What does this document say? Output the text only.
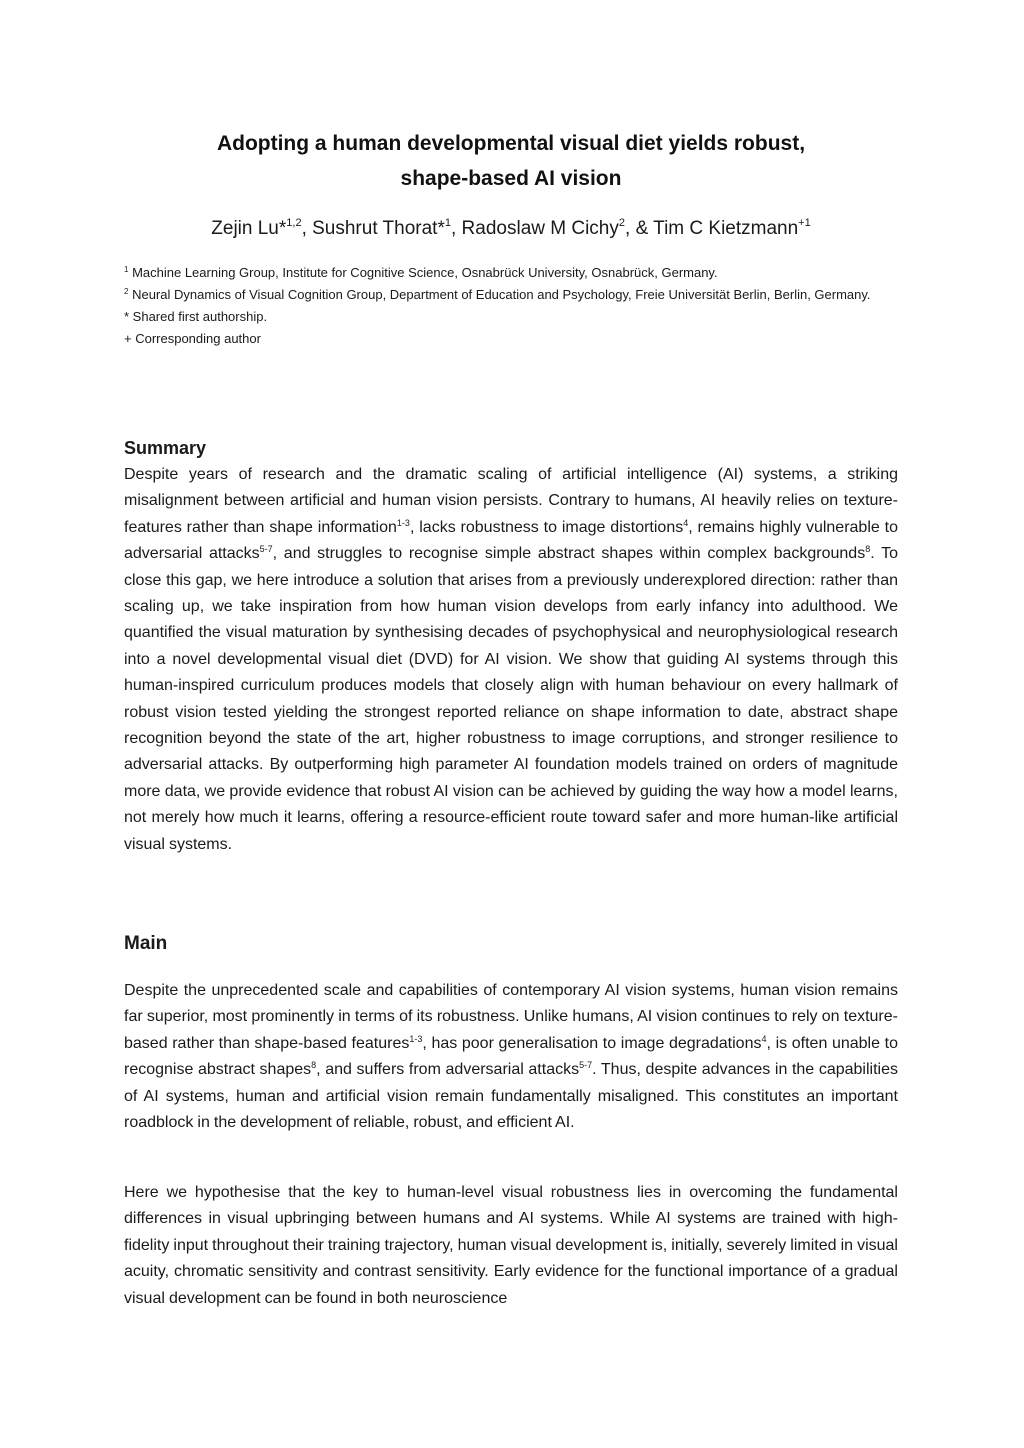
Adopting a human developmental visual diet yields robust,
shape-based AI vision
Zejin Lu*$^{1,2}$, Sushrut Thorat*$^1$, Radoslaw M Cichy$^2$, & Tim C Kietzmann$^{+1}$
$^1$ Machine Learning Group, Institute for Cognitive Science, Osnabrück University, Osnabrück, Germany.
$^2$ Neural Dynamics of Visual Cognition Group, Department of Education and Psychology, Freie Universität Berlin, Berlin, Germany.
* Shared first authorship.
+ Corresponding author
Summary
Despite years of research and the dramatic scaling of artificial intelligence (AI) systems, a striking misalignment between artificial and human vision persists. Contrary to humans, AI heavily relies on texture-features rather than shape information$^{1-3}$, lacks robustness to image distortions$^4$, remains highly vulnerable to adversarial attacks$^{5-7}$, and struggles to recognise simple abstract shapes within complex backgrounds$^8$. To close this gap, we here introduce a solution that arises from a previously underexplored direction: rather than scaling up, we take inspiration from how human vision develops from early infancy into adulthood. We quantified the visual maturation by synthesising decades of psychophysical and neurophysiological research into a novel developmental visual diet (DVD) for AI vision. We show that guiding AI systems through this human-inspired curriculum produces models that closely align with human behaviour on every hallmark of robust vision tested yielding the strongest reported reliance on shape information to date, abstract shape recognition beyond the state of the art, higher robustness to image corruptions, and stronger resilience to adversarial attacks. By outperforming high parameter AI foundation models trained on orders of magnitude more data, we provide evidence that robust AI vision can be achieved by guiding the way how a model learns, not merely how much it learns, offering a resource-efficient route toward safer and more human-like artificial visual systems.
Main
Despite the unprecedented scale and capabilities of contemporary AI vision systems, human vision remains far superior, most prominently in terms of its robustness. Unlike humans, AI vision continues to rely on texture-based rather than shape-based features$^{1-3}$, has poor generalisation to image degradations$^4$, is often unable to recognise abstract shapes$^8$, and suffers from adversarial attacks$^{5-7}$. Thus, despite advances in the capabilities of AI systems, human and artificial vision remain fundamentally misaligned. This constitutes an important roadblock in the development of reliable, robust, and efficient AI.
Here we hypothesise that the key to human-level visual robustness lies in overcoming the fundamental differences in visual upbringing between humans and AI systems. While AI systems are trained with high-fidelity input throughout their training trajectory, human visual development is, initially, severely limited in visual acuity, chromatic sensitivity and contrast sensitivity. Early evidence for the functional importance of a gradual visual development can be found in both neuroscience
